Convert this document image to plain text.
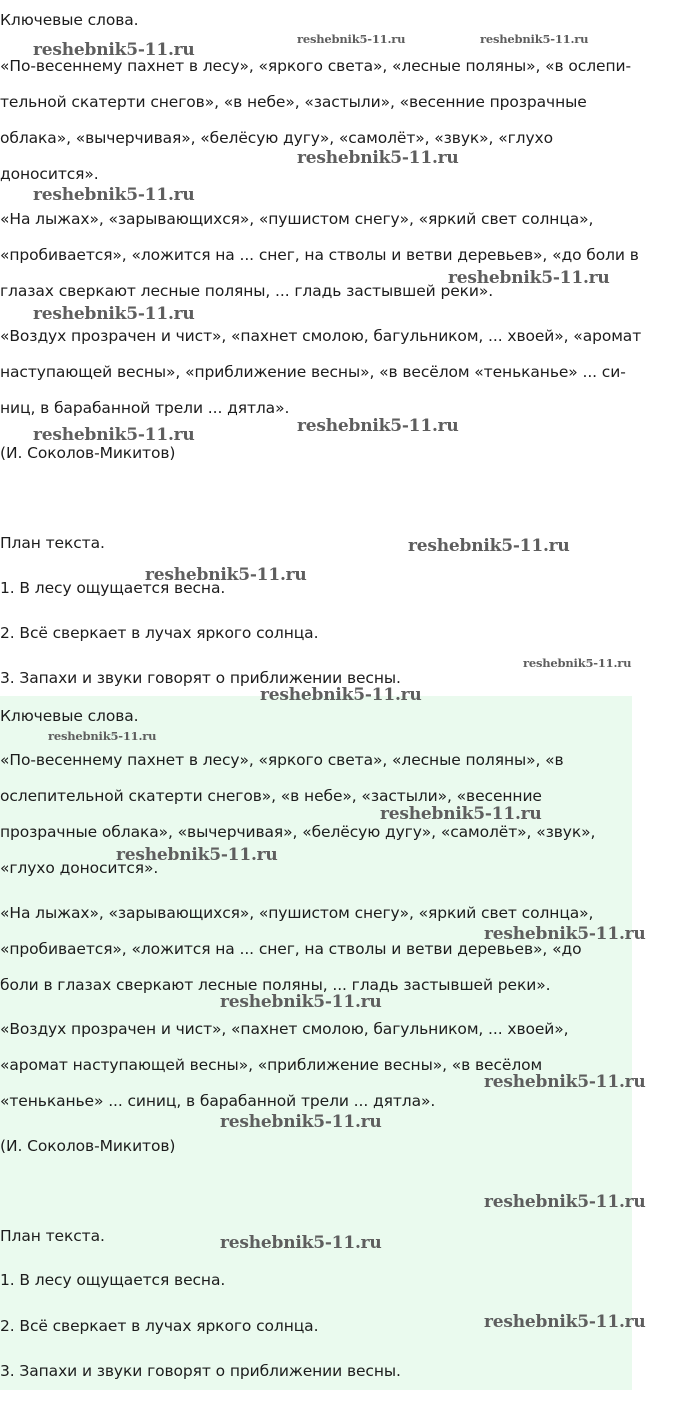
Ключевые слова.

«По-весеннему пахнет в лесу», «яркого света», «лесные поляны», «в ослепи-

тельной скатерти снегов», «в небе», «застыли», «весенние прозрачные

облака», «вычерчивая», «белёсую дугу», «самолёт», «звук», «глухо

доносится».

«На лыжах», «зарывающихся», «пушистом снегу», «яркий свет солнца»,

«пробивается», «ложится на ... снег, на стволы и ветви деревьев», «до боли в

глазах сверкают лесные поляны, ... гладь застывшей реки».

«Воздух прозрачен и чист», «пахнет смолою, багульником, ... хвоей», «аромат

наступающей весны», «приближение весны», «в весёлом «теньканье» ... си-

ниц, в барабанной трели ... дятла».

(И. Соколов-Микитов)

План текста.

1. В лесу ощущается весна.

2. Всё сверкает в лучах яркого солнца.

3. Запахи и звуки говорят о приближении весны.

Ключевые слова.

«По-весеннему пахнет в лесу», «яркого света», «лесные поляны», «в

ослепительной скатерти снегов», «в небе», «застыли», «весенние

прозрачные облака», «вычерчивая», «белёсую дугу», «самолёт», «звук»,

«глухо доносится».

«На лыжах», «зарывающихся», «пушистом снегу», «яркий свет солнца»,

«пробивается», «ложится на ... снег, на стволы и ветви деревьев», «до

боли в глазах сверкают лесные поляны, ... гладь застывшей реки».

«Воздух прозрачен и чист», «пахнет смолою, багульником, ... хвоей»,

«аромат наступающей весны», «приближение весны», «в весёлом

«теньканье» ... синиц, в барабанной трели ... дятла».

(И. Соколов-Микитов)

План текста.

1. В лесу ощущается весна.

2. Всё сверкает в лучах яркого солнца.

3. Запахи и звуки говорят о приближении весны.

reshebnik5-11.ru
reshebnik5-11.ru	reshebnik5-11.ru
reshebnik5-11.ru
reshebnik5-11.ru
reshebnik5-11.ru
reshebnik5-11.ru
reshebnik5-11.ru
reshebnik5-11.ru
reshebnik5-11.ru
reshebnik5-11.ru
reshebnik5-11.ru
reshebnik5-11.ru
reshebnik5-11.ru
reshebnik5-11.ru
reshebnik5-11.ru
reshebnik5-11.ru
reshebnik5-11.ru
reshebnik5-11.ru
reshebnik5-11.ru
reshebnik5-11.ru
reshebnik5-11.ru
reshebnik5-11.ru
